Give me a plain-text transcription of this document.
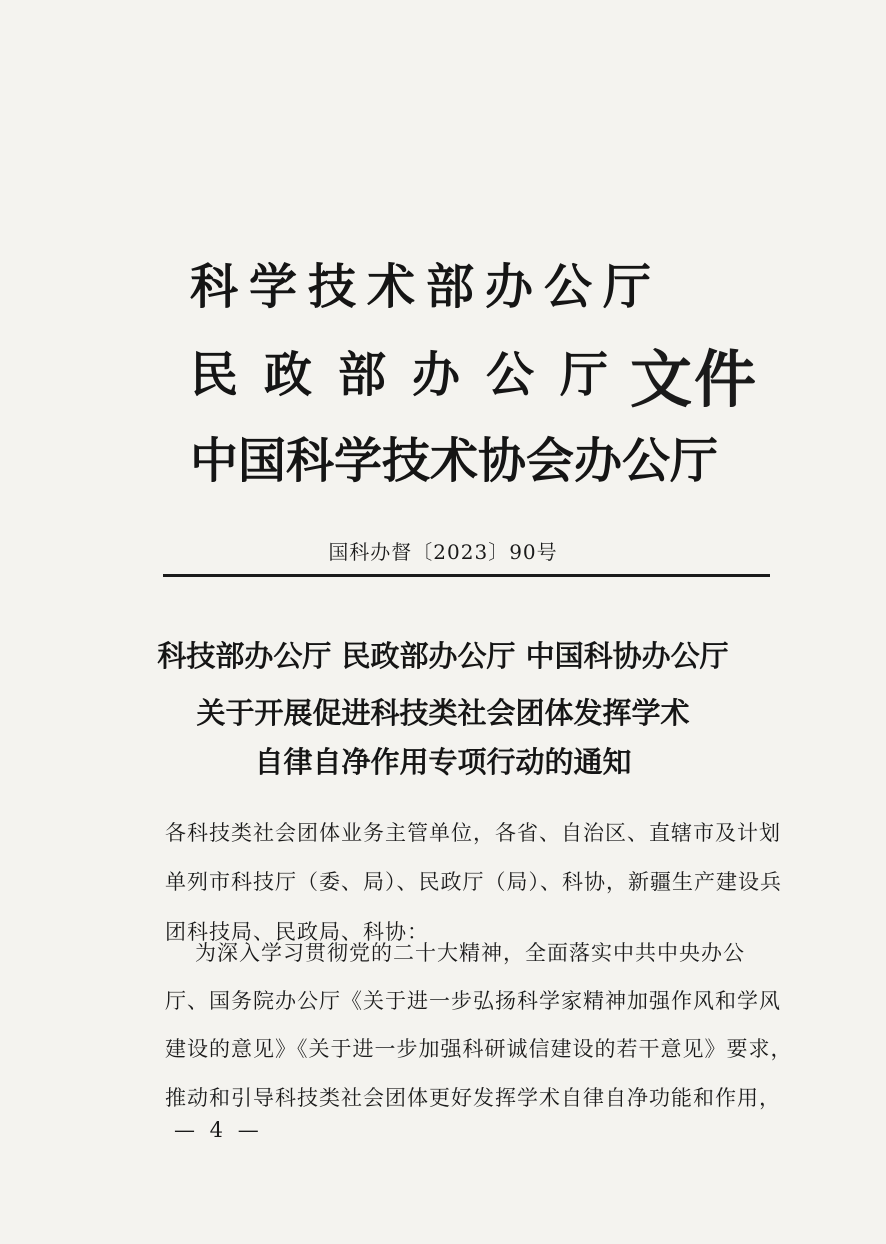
科学技术部办公厅
民政部办公厅
中国科学技术协会办公厅
文件
国科办督〔2023〕90号
科技部办公厅 民政部办公厅 中国科协办公厅
关于开展促进科技类社会团体发挥学术
自律自净作用专项行动的通知
各科技类社会团体业务主管单位，各省、自治区、直辖市及计划
单列市科技厅（委、局）、民政厅（局）、科协，新疆生产建设兵
团科技局、民政局、科协：
为深入学习贯彻党的二十大精神，全面落实中共中央办公
厅、国务院办公厅《关于进一步弘扬科学家精神加强作风和学风
建设的意见》《关于进一步加强科研诚信建设的若干意见》要求，
推动和引导科技类社会团体更好发挥学术自律自净功能和作用，
— 4 —
